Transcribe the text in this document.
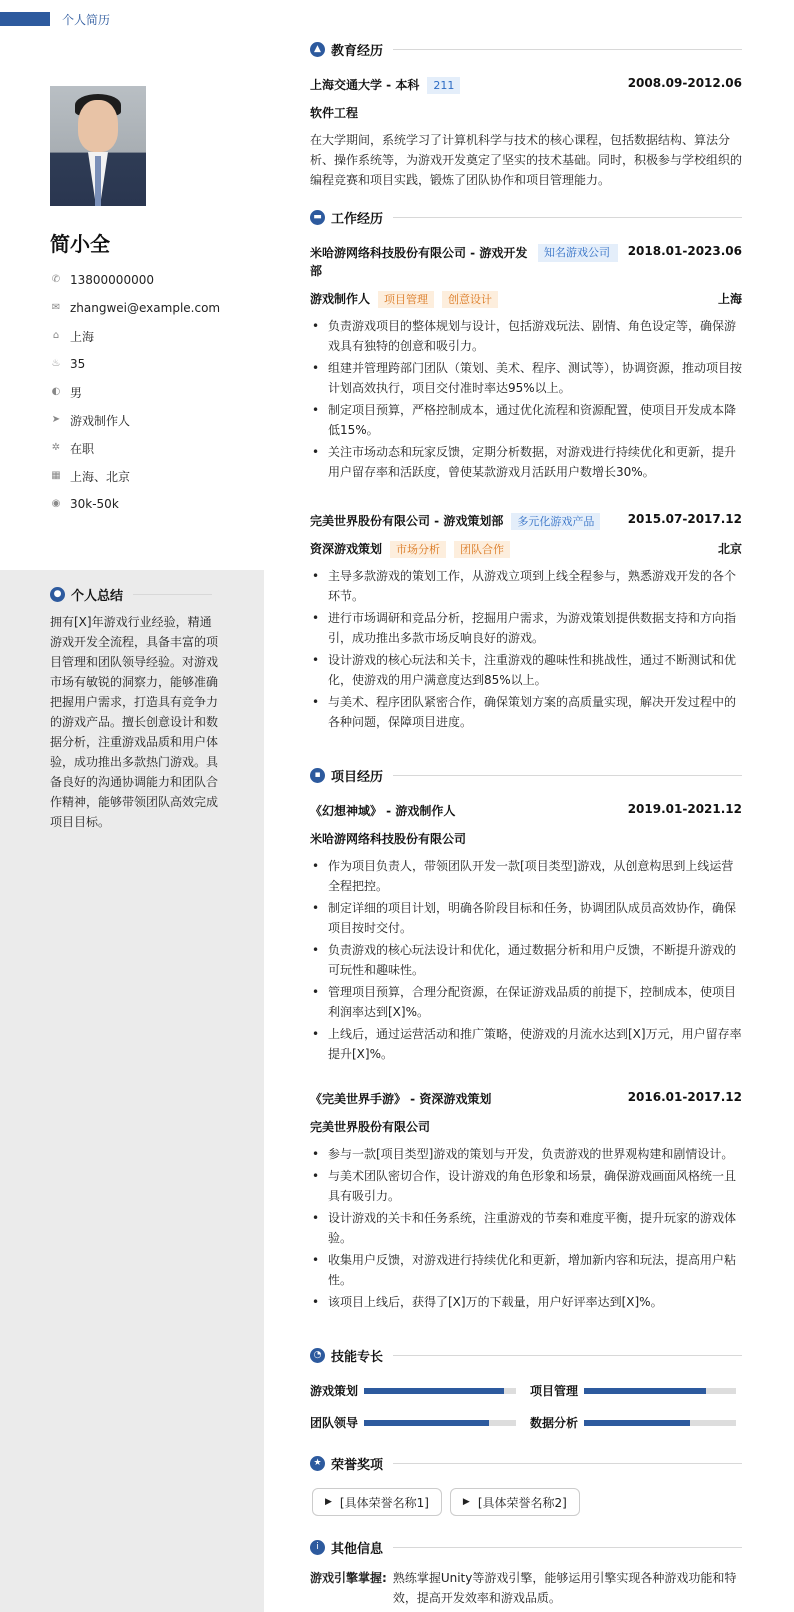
个人简历
简小全
✆ 13800000000
✉ zhangwei@example.com
⌂ 上海
♨ 35
◐ 男
➤ 游戏制作人
✲ 在职
▦ 上海、北京
◉ 30k-50k
● 个人总结
拥有[X]年游戏行业经验，精通游戏开发全流程，具备丰富的项目管理和团队领导经验。对游戏市场有敏锐的洞察力，能够准确把握用户需求，打造具有竞争力的游戏产品。擅长创意设计和数据分析，注重游戏品质和用户体验，成功推出多款热门游戏。具备良好的沟通协调能力和团队合作精神，能够带领团队高效完成项目目标。
▲ 教育经历
上海交通大学 - 本科 211	2008.09-2012.06
软件工程
在大学期间，系统学习了计算机科学与技术的核心课程，包括数据结构、算法分析、操作系统等，为游戏开发奠定了坚实的技术基础。同时，积极参与学校组织的编程竞赛和项目实践，锻炼了团队协作和项目管理能力。
▬ 工作经历
米哈游网络科技股份有限公司 - 游戏开发部
知名游戏公司	2018.01-2023.06
游戏制作人 项目管理 创意设计	上海
• 负责游戏项目的整体规划与设计，包括游戏玩法、剧情、角色设定等，确保游戏具有独特的创意和吸引力。
• 组建并管理跨部门团队（策划、美术、程序、测试等），协调资源，推动项目按计划高效执行，项目交付准时率达95%以上。
• 制定项目预算，严格控制成本，通过优化流程和资源配置，使项目开发成本降低15%。
• 关注市场动态和玩家反馈，定期分析数据，对游戏进行持续优化和更新，提升用户留存率和活跃度，曾使某款游戏月活跃用户数增长30%。
完美世界股份有限公司 - 游戏策划部 多元化游戏产品	2015.07-2017.12
资深游戏策划 市场分析 团队合作	北京
• 主导多款游戏的策划工作，从游戏立项到上线全程参与，熟悉游戏开发的各个环节。
• 进行市场调研和竞品分析，挖掘用户需求，为游戏策划提供数据支持和方向指引，成功推出多款市场反响良好的游戏。
• 设计游戏的核心玩法和关卡，注重游戏的趣味性和挑战性，通过不断测试和优化，使游戏的用户满意度达到85%以上。
• 与美术、程序团队紧密合作，确保策划方案的高质量实现，解决开发过程中的各种问题，保障项目进度。
▪ 项目经历
《幻想神域》 - 游戏制作人	2019.01-2021.12
米哈游网络科技股份有限公司
• 作为项目负责人，带领团队开发一款[项目类型]游戏，从创意构思到上线运营全程把控。
• 制定详细的项目计划，明确各阶段目标和任务，协调团队成员高效协作，确保项目按时交付。
• 负责游戏的核心玩法设计和优化，通过数据分析和用户反馈，不断提升游戏的可玩性和趣味性。
• 管理项目预算，合理分配资源，在保证游戏品质的前提下，控制成本，使项目利润率达到[X]%。
• 上线后，通过运营活动和推广策略，使游戏的月流水达到[X]万元，用户留存率提升[X]%。
《完美世界手游》 - 资深游戏策划	2016.01-2017.12
完美世界股份有限公司
• 参与一款[项目类型]游戏的策划与开发，负责游戏的世界观构建和剧情设计。
• 与美术团队密切合作，设计游戏的角色形象和场景，确保游戏画面风格统一且具有吸引力。
• 设计游戏的关卡和任务系统，注重游戏的节奏和难度平衡，提升玩家的游戏体验。
• 收集用户反馈，对游戏进行持续优化和更新，增加新内容和玩法，提高用户粘性。
• 该项目上线后，获得了[X]万的下载量，用户好评率达到[X]%。
◔ 技能专长
游戏策划	项目管理
团队领导	数据分析
★ 荣誉奖项
▶ [具体荣誉名称1]	▶ [具体荣誉名称2]
i 其他信息
游戏引擎掌握: 熟练掌握Unity等游戏引擎，能够运用引擎实现各种游戏功能和特效，提高开发效率和游戏品质。
